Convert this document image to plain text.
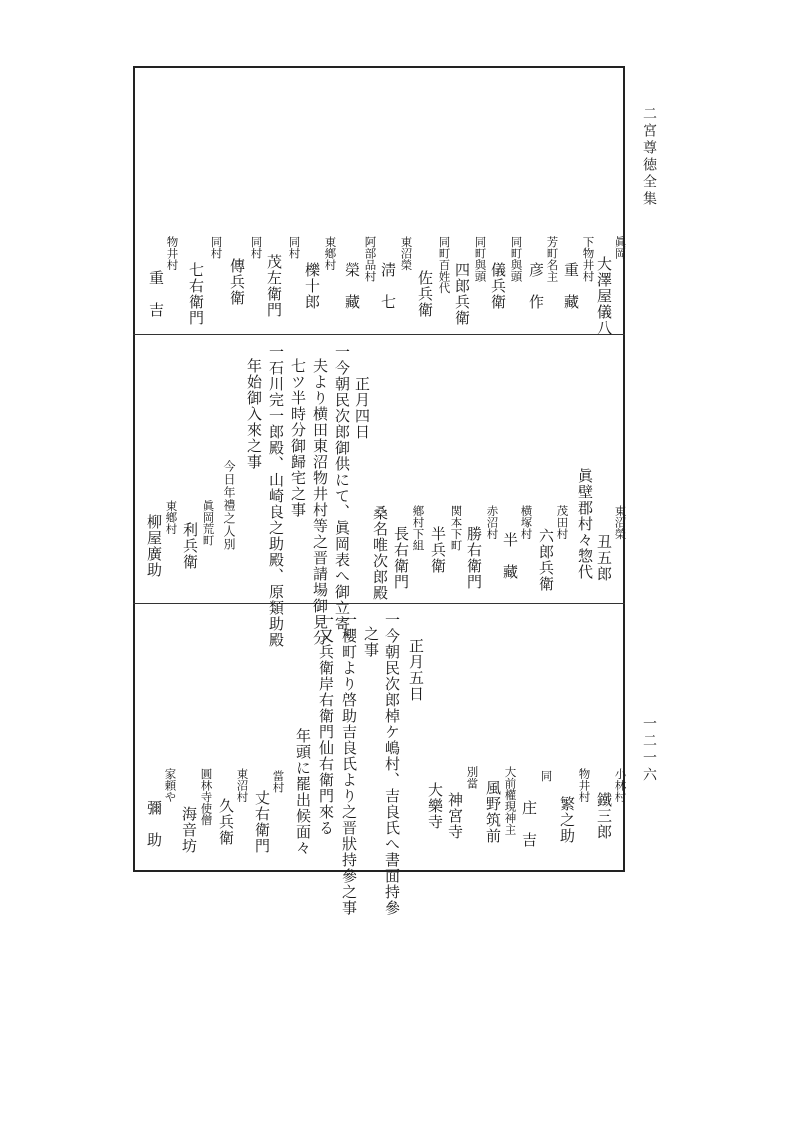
二宮尊徳全集
一二一六
眞岡
大澤屋儀八
下物井村
重　藏
芳町名主
彦　作
同町與頭
儀兵衛
同町與頭
四郎兵衛
同町百姓代
佐兵衛
東沼榮
淸　七
阿部品村
榮　藏
東鄕村
櫟十郎
同村
茂左衛門
同村
傳兵衛
同村
七右衛門
物井村
重　吉
東沼榮
丑五郎
眞壁郡村々惣代
茂田村
六郎兵衛
横塚村
半　藏
赤沼村
勝右衛門
関本下町
半兵衛
鄕村下組
長右衛門
桑名唯次郎殿
正月四日
一今朝民次郎御供にて、眞岡表へ御立寄、
夫より横田東沼物井村等之晋請場御見分
七ツ半時分御歸宅之事
一石川完一郎殿、山崎良之助殿、原類助殿
年始御入來之事
今日年禮之人別
眞岡荒町
利兵衛
東鄕村
柳屋廣助
小林村
鐵三郎
物井村
繁之助
同
庄　吉
大前權現神主
風野筑前
別當
神宮寺
大樂寺
正月五日
一今朝民次郎棹ケ嶋村、吉良氏へ書面持參
之事
一櫻町より啓助吉良氏より之晋狀持參之事
一又兵衛岸右衛門仙右衛門來る
年頭に罷出候面々
當村
丈右衛門
東沼村
久兵衛
圓林寺使僧
海音坊
家頼や
彌　助
